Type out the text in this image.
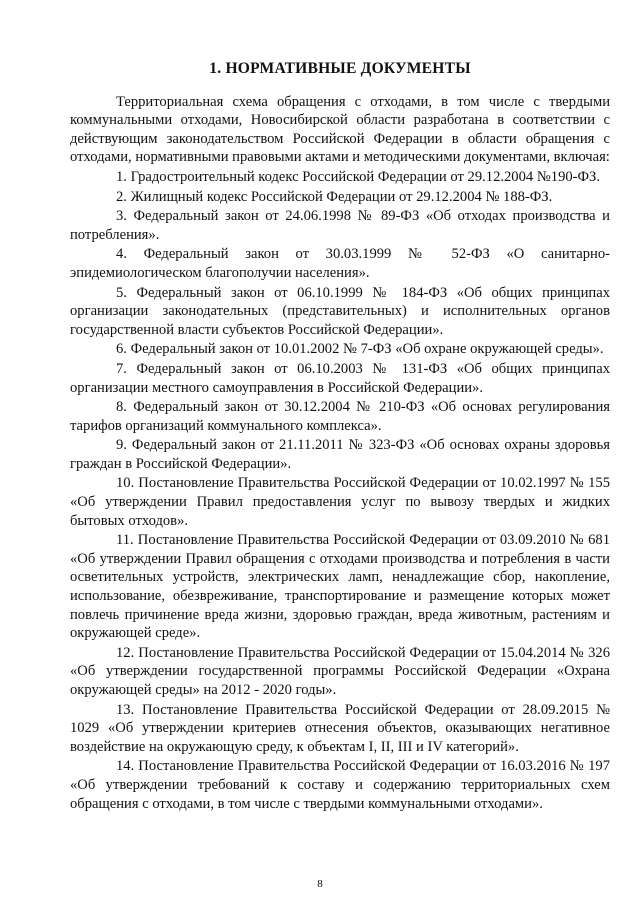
1. НОРМАТИВНЫЕ ДОКУМЕНТЫ

Территориальная схема обращения с отходами, в том числе с твердыми коммунальными отходами, Новосибирской области разработана в соответствии с действующим законодательством Российской Федерации в области обращения с отходами, нормативными правовыми актами и методическими документами, включая:

1. Градостроительный кодекс Российской Федерации от 29.12.2004 №190-ФЗ.

2. Жилищный кодекс Российской Федерации от 29.12.2004 № 188-ФЗ.

3. Федеральный закон от 24.06.1998 № 89-ФЗ «Об отходах производства и потребления».

4. Федеральный закон от 30.03.1999 № 52-ФЗ «О санитарно-эпидемиологическом благополучии населения».

5. Федеральный закон от 06.10.1999 № 184-ФЗ «Об общих принципах организации законодательных (представительных) и исполнительных органов государственной власти субъектов Российской Федерации».

6. Федеральный закон от 10.01.2002 № 7-ФЗ «Об охране окружающей среды».

7. Федеральный закон от 06.10.2003 № 131-ФЗ «Об общих принципах организации местного самоуправления в Российской Федерации».

8. Федеральный закон от 30.12.2004 № 210-ФЗ «Об основах регулирования тарифов организаций коммунального комплекса».

9. Федеральный закон от 21.11.2011 № 323-ФЗ «Об основах охраны здоровья граждан в Российской Федерации».

10. Постановление Правительства Российской Федерации от 10.02.1997 № 155 «Об утверждении Правил предоставления услуг по вывозу твердых и жидких бытовых отходов».

11. Постановление Правительства Российской Федерации от 03.09.2010 № 681 «Об утверждении Правил обращения с отходами производства и потребления в части осветительных устройств, электрических ламп, ненадлежащие сбор, накопление, использование, обезвреживание, транспортирование и размещение которых может повлечь причинение вреда жизни, здоровью граждан, вреда животным, растениям и окружающей среде».

12. Постановление Правительства Российской Федерации от 15.04.2014 № 326 «Об утверждении государственной программы Российской Федерации «Охрана окружающей среды» на 2012 - 2020 годы».

13. Постановление Правительства Российской Федерации от 28.09.2015 № 1029 «Об утверждении критериев отнесения объектов, оказывающих негативное воздействие на окружающую среду, к объектам I, II, III и IV категорий».

14. Постановление Правительства Российской Федерации от 16.03.2016 № 197 «Об утверждении требований к составу и содержанию территориальных схем обращения с отходами, в том числе с твердыми коммунальными отходами».

8
